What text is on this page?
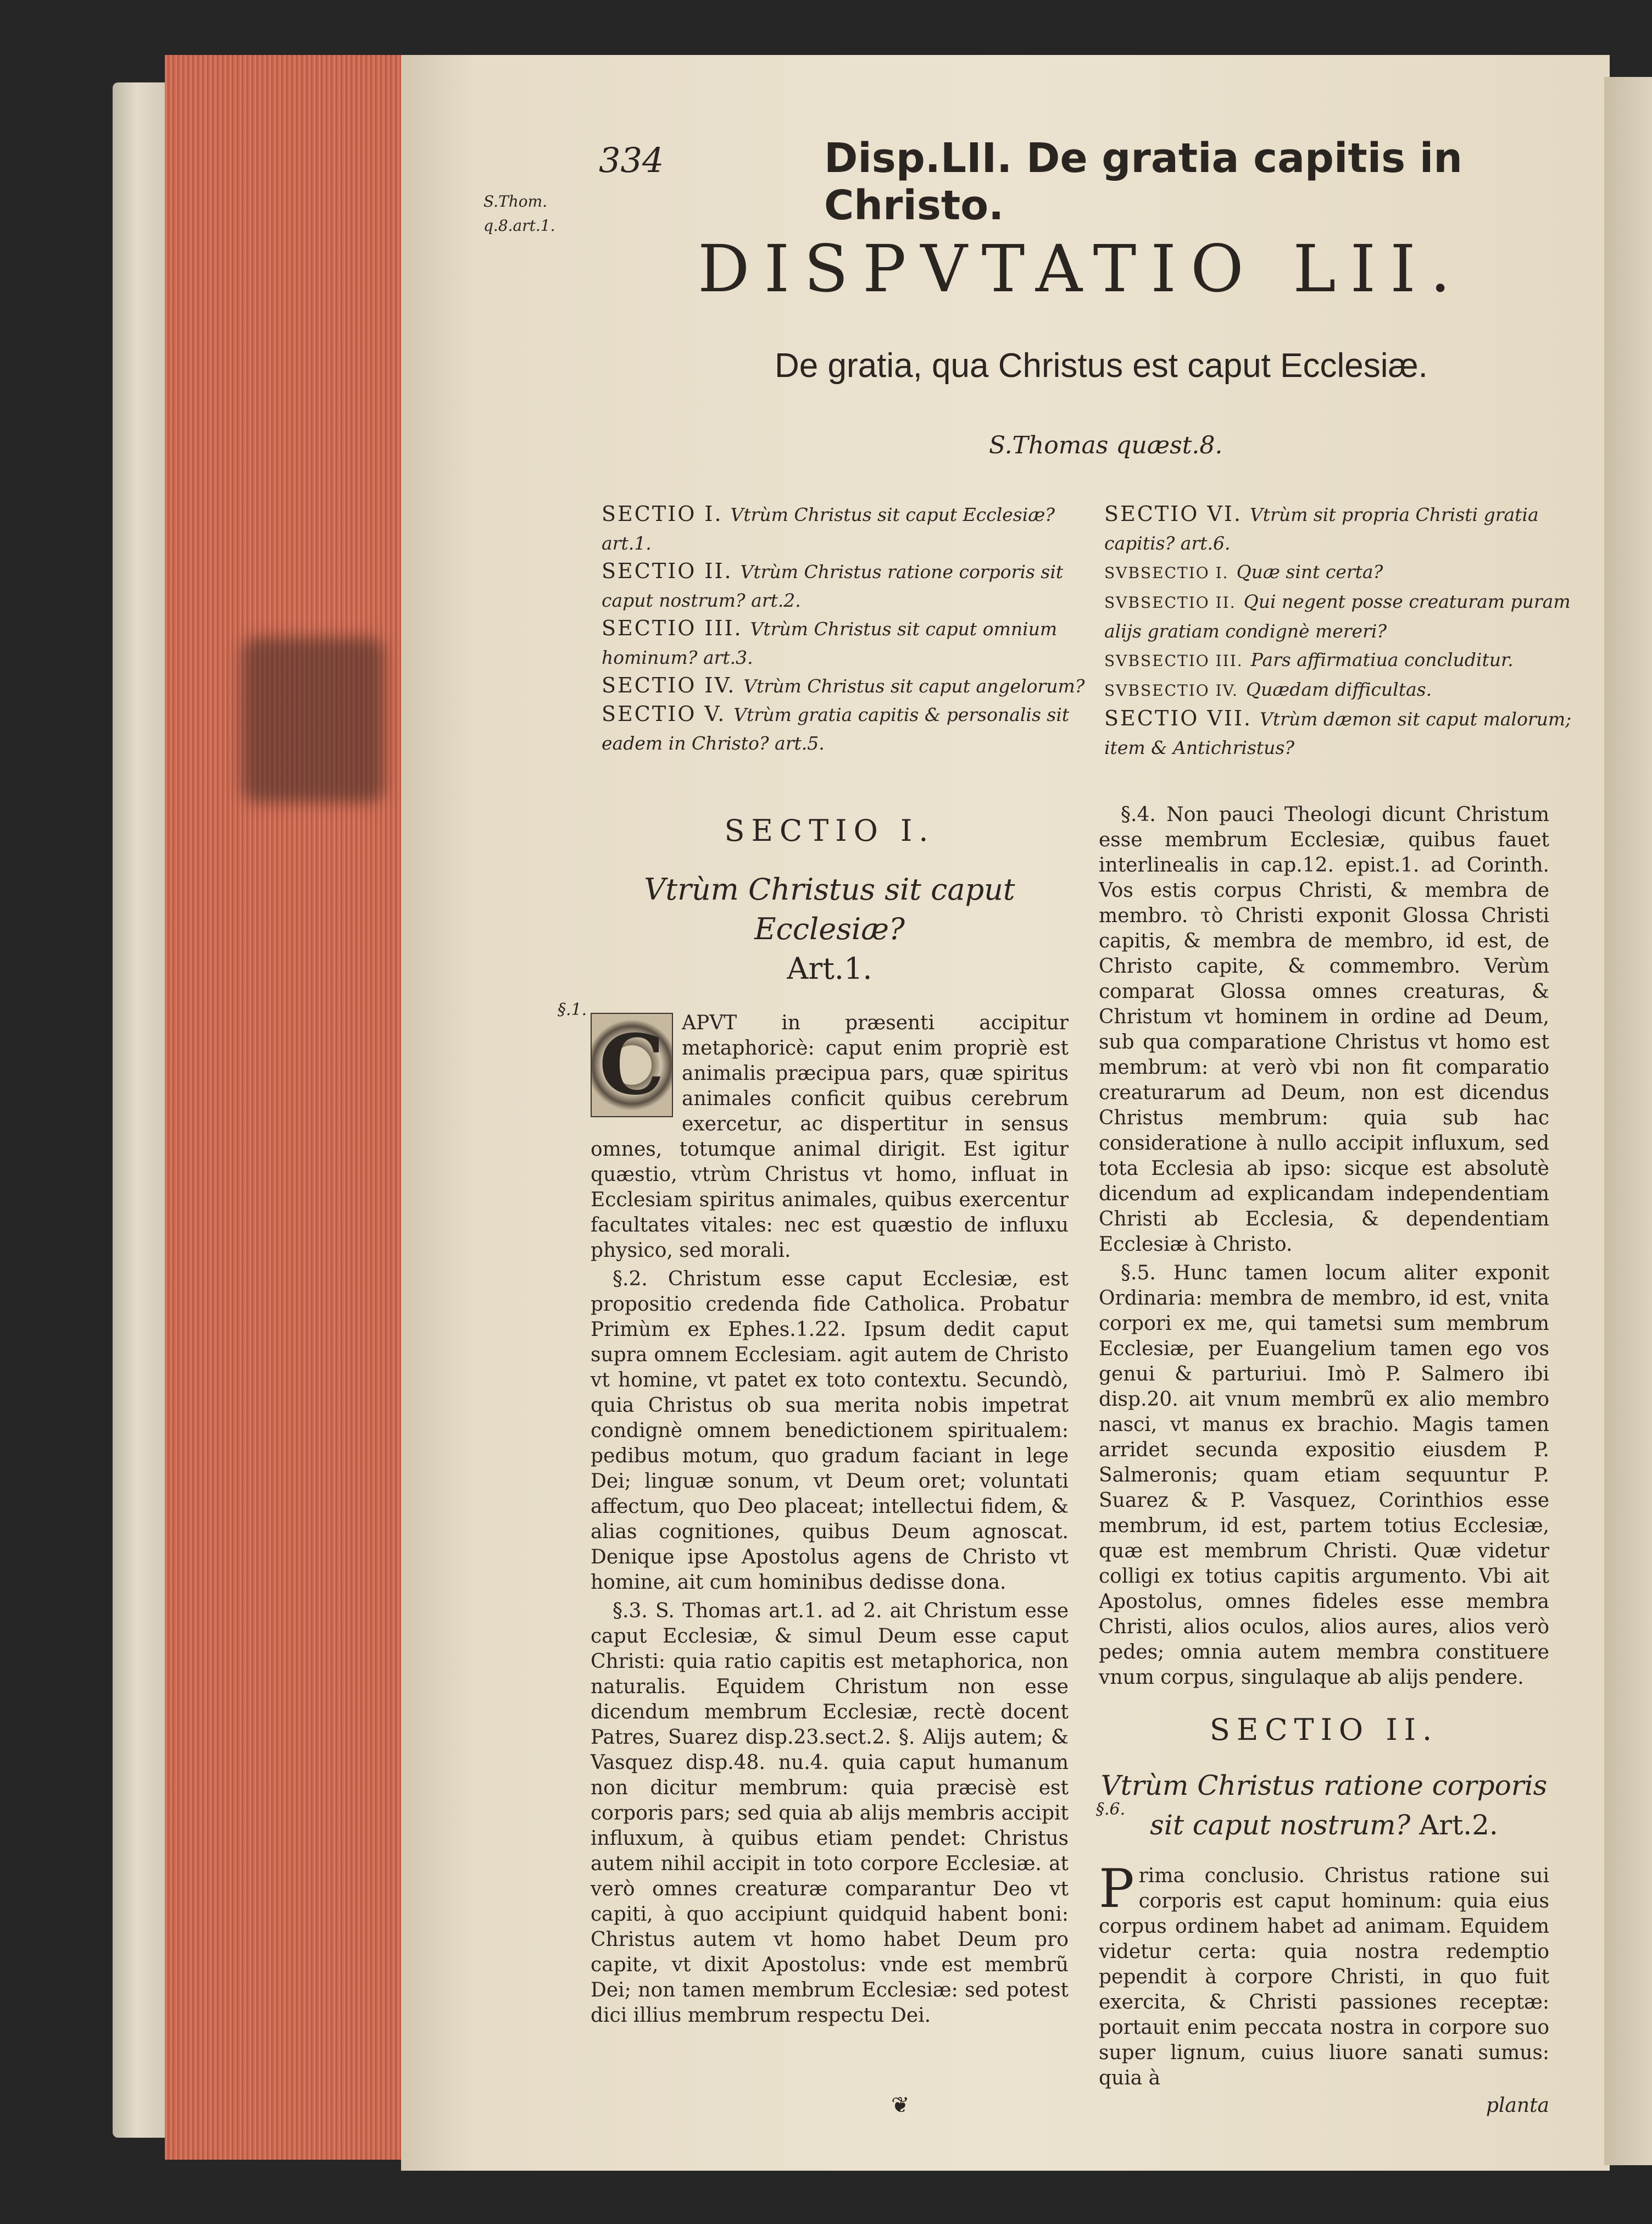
334	Disp.LII. De gratia capitis in Christo.
S.Thom.
q.8.art.1.
DISPVTATIO LII.
De gratia, qua Christus est caput Ecclesiæ.
S.Thomas quæst.8.
SECTIO I. Vtrùm Christus sit caput Ecclesiæ? art.1.
SECTIO II. Vtrùm Christus ratione corporis sit caput nostrum? art.2.
SECTIO III. Vtrùm Christus sit caput omnium hominum? art.3.
SECTIO IV. Vtrùm Christus sit caput angelorum?
SECTIO V. Vtrùm gratia capitis & personalis sit eadem in Christo? art.5.
SECTIO VI. Vtrùm sit propria Christi gratia capitis? art.6.
SVBSECTIO I. Quæ sint certa?
SVBSECTIO II. Qui negent posse creaturam puram alijs gratiam condignè mereri?
SVBSECTIO III. Pars affirmatiua concluditur.
SVBSECTIO IV. Quædam difficultas.
SECTIO VII. Vtrùm dæmon sit caput malorum; item & Antichristus?
SECTIO I.
Vtrùm Christus sit caput Ecclesiæ?
Art.1.
C APVT in præsenti accipitur metaphoricè: caput enim propriè est animalis præcipua pars, quæ spiritus animales conficit quibus cerebrum exercetur, ac dispertitur in sensus omnes, totumque animal dirigit. Est igitur quæstio, vtrùm Christus vt homo, influat in Ecclesiam spiritus animales, quibus exercentur facultates vitales: nec est quæstio de influxu physico, sed morali.

§.2. Christum esse caput Ecclesiæ, est propositio credenda fide Catholica. Probatur Primùm ex Ephes.1.22. Ipsum dedit caput supra omnem Ecclesiam. agit autem de Christo vt homine, vt patet ex toto contextu. Secundò, quia Christus ob sua merita nobis impetrat condignè omnem benedictionem spiritualem: pedibus motum, quo gradum faciant in lege Dei; linguæ sonum, vt Deum oret; voluntati affectum, quo Deo placeat; intellectui fidem, & alias cognitiones, quibus Deum agnoscat. Denique ipse Apostolus agens de Christo vt homine, ait cum hominibus dedisse dona.

§.3. S. Thomas art.1. ad 2. ait Christum esse caput Ecclesiæ, & simul Deum esse caput Christi: quia ratio capitis est metaphorica, non naturalis. Equidem Christum non esse dicendum membrum Ecclesiæ, rectè docent Patres, Suarez disp.23.sect.2. §. Alijs autem; & Vasquez disp.48. nu.4. quia caput humanum non dicitur membrum: quia præcisè est corporis pars; sed quia ab alijs membris accipit influxum, à quibus etiam pendet: Christus autem nihil accipit in toto corpore Ecclesiæ. at verò omnes creaturæ comparantur Deo vt capiti, à quo accipiunt quidquid habent boni: Christus autem vt homo habet Deum pro capite, vt dixit Apostolus: vnde est membrũ Dei; non tamen membrum Ecclesiæ: sed potest dici illius membrum respectu Dei.

§.1.

§.4. Non pauci Theologi dicunt Christum esse membrum Ecclesiæ, quibus fauet interlinealis in cap.12. epist.1. ad Corinth. Vos estis corpus Christi, & membra de membro. τὸ Christi exponit Glossa Christi capitis, & membra de membro, id est, de Christo capite, & commembro. Verùm comparat Glossa omnes creaturas, & Christum vt hominem in ordine ad Deum, sub qua comparatione Christus vt homo est membrum: at verò vbi non fit comparatio creaturarum ad Deum, non est dicendus Christus membrum: quia sub hac consideratione à nullo accipit influxum, sed tota Ecclesia ab ipso: sicque est absolutè dicendum ad explicandam independentiam Christi ab Ecclesia, & dependentiam Ecclesiæ à Christo.

§.5. Hunc tamen locum aliter exponit Ordinaria: membra de membro, id est, vnita corpori ex me, qui tametsi sum membrum Ecclesiæ, per Euangelium tamen ego vos genui & parturiui. Imò P. Salmero ibi disp.20. ait vnum membrũ ex alio membro nasci, vt manus ex brachio. Magis tamen arridet secunda expositio eiusdem P. Salmeronis; quam etiam sequuntur P. Suarez & P. Vasquez, Corinthios esse membrum, id est, partem totius Ecclesiæ, quæ est membrum Christi. Quæ videtur colligi ex totius capitis argumento. Vbi ait Apostolus, omnes fideles esse membra Christi, alios oculos, alios aures, alios verò pedes; omnia autem membra constituere vnum corpus, singulaque ab alijs pendere.

SECTIO II.
Vtrùm Christus ratione corporis sit caput nostrum? Art.2.
P rima conclusio. Christus ratione sui corporis est caput hominum: quia eius corpus ordinem habet ad animam. Equidem videtur certa: quia nostra redemptio pependit à corpore Christi, in quo fuit exercita, & Christi passiones receptæ: portauit enim peccata nostra in corpore suo super lignum, cuius liuore sanati sumus: quia à

planta
§.6.
❦
